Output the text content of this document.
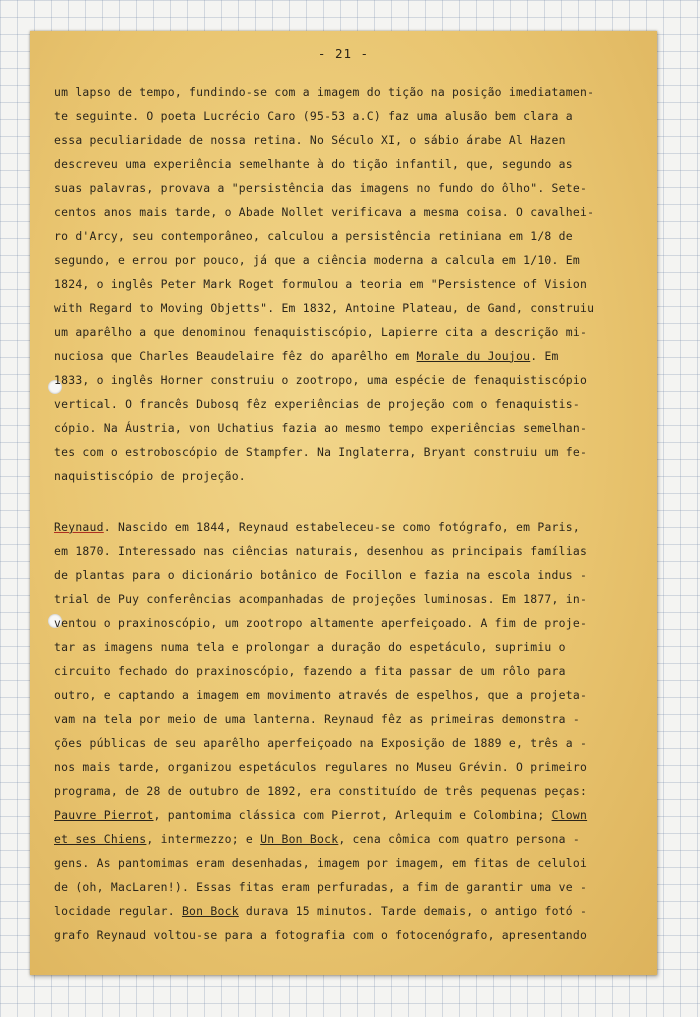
- 21 -
um lapso de tempo, fundindo-se com a imagem do tição na posição imediatamen-
te seguinte. O poeta Lucrécio Caro (95-53 a.C) faz uma alusão bem clara a
essa peculiaridade de nossa retina. No Século XI, o sábio árabe Al Hazen
descreveu uma experiência semelhante à do tição infantil, que, segundo as
suas palavras, provava a "persistência das imagens no fundo do ôlho". Sete-
centos anos mais tarde, o Abade Nollet verificava a mesma coisa. O cavalhei-
ro d'Arcy, seu contemporâneo, calculou a persistência retiniana em 1/8 de
segundo, e errou por pouco, já que a ciência moderna a calcula em 1/10. Em
1824, o inglês Peter Mark Roget formulou a teoria em "Persistence of Vision
with Regard to Moving Objetts". Em 1832, Antoine Plateau, de Gand, construiu
um aparêlho a que denominou fenaquistiscópio, Lapierre cita a descrição mi-
nuciosa que Charles Beaudelaire fêz do aparêlho em Morale du Joujou. Em
1833, o inglês Horner construiu o zootropo, uma espécie de fenaquistiscópio
vertical. O francês Dubosq fêz experiências de projeção com o fenaquistis-
cópio. Na Áustria, von Uchatius fazia ao mesmo tempo experiências semelhan-
tes com o estroboscópio de Stampfer. Na Inglaterra, Bryant construiu um fe-
naquistiscópio de projeção.
Reynaud. Nascido em 1844, Reynaud estabeleceu-se como fotógrafo, em Paris,
em 1870. Interessado nas ciências naturais, desenhou as principais famílias
de plantas para o dicionário botânico de Focillon e fazia na escola indus -
trial de Puy conferências acompanhadas de projeções luminosas. Em 1877, in-
ventou o praxinoscópio, um zootropo altamente aperfeiçoado. A fim de proje-
tar as imagens numa tela e prolongar a duração do espetáculo, suprimiu o
circuito fechado do praxinoscópio, fazendo a fita passar de um rôlo para
outro, e captando a imagem em movimento através de espelhos, que a projeta-
vam na tela por meio de uma lanterna. Reynaud fêz as primeiras demonstra -
ções públicas de seu aparêlho aperfeiçoado na Exposição de 1889 e, três a -
nos mais tarde, organizou espetáculos regulares no Museu Grévin. O primeiro
programa, de 28 de outubro de 1892, era constituído de três pequenas peças:
Pauvre Pierrot, pantomima clássica com Pierrot, Arlequim e Colombina; Clown
et ses Chiens, intermezzo; e Un Bon Bock, cena cômica com quatro persona -
gens. As pantomimas eram desenhadas, imagem por imagem, em fitas de celuloi
de (oh, MacLaren!). Essas fitas eram perfuradas, a fim de garantir uma ve -
locidade regular. Bon Bock durava 15 minutos. Tarde demais, o antigo fotó -
grafo Reynaud voltou-se para a fotografia com o fotocenógrafo, apresentando
